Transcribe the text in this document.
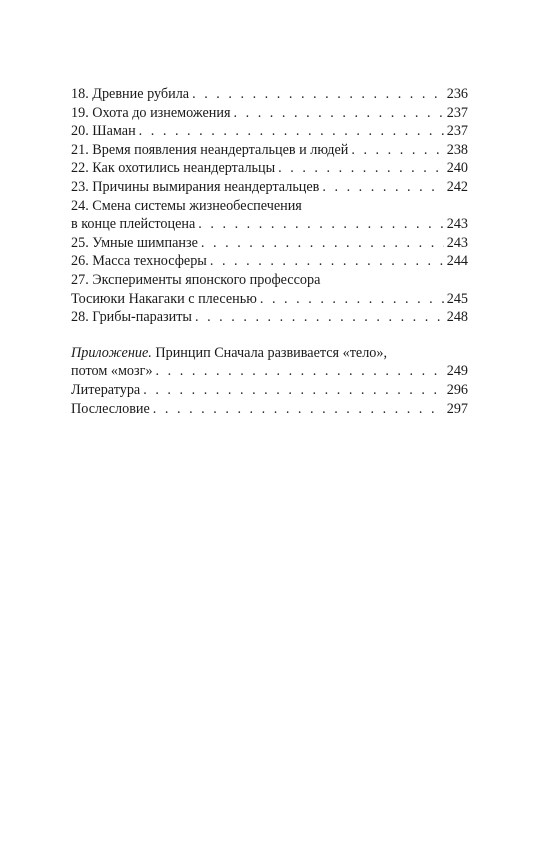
18. Древние рубила . . .	236
19. Охота до изнеможения . . .	237
20. Шаман . . .	237
21. Время появления неандертальцев и людей . . .	238
22. Как охотились неандертальцы . . .	240
23. Причины вымирания неандертальцев . . .	242
24. Смена системы жизнеобеспечения
в конце плейстоцена . . .	243
25. Умные шимпанзе . . .	243
26. Масса техносферы . . .	244
27. Эксперименты японского профессора
Тосиюки Накагаки с плесенью . . .	245
28. Грибы-паразиты . . .	248
Приложение. Принцип Сначала развивается «тело»,
потом «мозг» . . .	249
Литература . . .	296
Послесловие . . .	297
